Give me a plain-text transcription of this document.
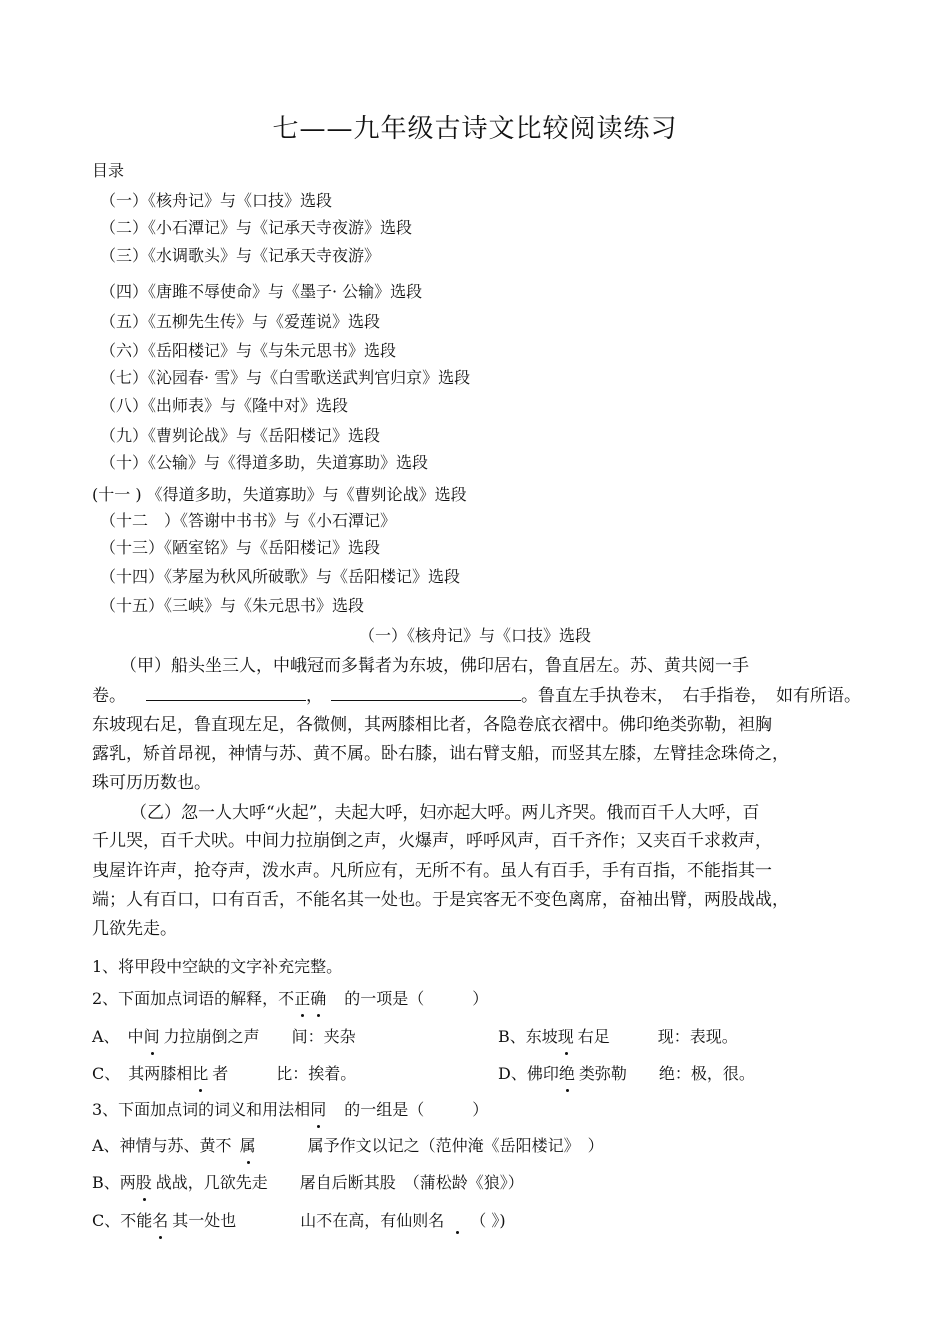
七——九年级古诗文比较阅读练习
目录
（一）《核舟记》与《口技》选段
（二）《小石潭记》与《记承天寺夜游》选段
（三）《水调歌头》与《记承天寺夜游》
（四）《唐雎不辱使命》与《墨子· 公输》选段
（五）《五柳先生传》与《爱莲说》选段
（六）《岳阳楼记》与《与朱元思书》选段
（七）《沁园春· 雪》与《白雪歌送武判官归京》选段
（八）《出师表》与《隆中对》选段
（九）《曹刿论战》与《岳阳楼记》选段
（十）《公输》与《得道多助，失道寡助》选段
(十一 ) 《得道多助，失道寡助》与《曹刿论战》选段
（十二　）《答谢中书书》与《小石潭记》
（十三）《陋室铭》与《岳阳楼记》选段
（十四）《茅屋为秋风所破歌》与《岳阳楼记》选段
（十五）《三峡》与《朱元思书》选段
（一）《核舟记》与《口技》选段
（甲）船头坐三人，中峨冠而多髯者为东坡，佛印居右，鲁直居左。苏、黄共阅一手
卷。	，	。鲁直左手执卷末，　右手指卷，　如有所语。
东坡现右足，鲁直现左足，各微侧，其两膝相比者，各隐卷底衣褶中。佛印绝类弥勒，袒胸
露乳，矫首昂视，神情与苏、黄不属。卧右膝，诎右臂支船，而竖其左膝，左臂挂念珠倚之，
珠可历历数也。
（乙）忽一人大呼“火起”，夫起大呼，妇亦起大呼。两儿齐哭。俄而百千人大呼，百
千儿哭，百千犬吠。中间力拉崩倒之声，火爆声，呼呼风声，百千齐作；又夹百千求救声，
曳屋许许声，抢夺声，泼水声。凡所应有，无所不有。虽人有百手，手有百指，不能指其一
端；人有百口，口有百舌，不能名其一处也。于是宾客无不变色离席，奋袖出臂，两股战战，
几欲先走。
1、将甲段中空缺的文字补充完整。
2、下面加点词语的解释，不正确 的一项是（　　　）
A、　中间 力拉崩倒之声　　间：夹杂	B、东坡现 右足　　　现：表现。
C、　其两膝相比 者　　　比：挨着。	D、佛印绝 类弥勒　　绝：极，很。
3、下面加点词的词义和用法相同 的一组是（　　　）
A、神情与苏、黄不 属	属予作文以记之（范仲淹《岳阳楼记》　）
B、两股 战战，几欲先走　　屠自后断其股　（蒲松龄《狼》）
C、不能名 其一处也　　　　山不在高，有仙则名 （ 》)
